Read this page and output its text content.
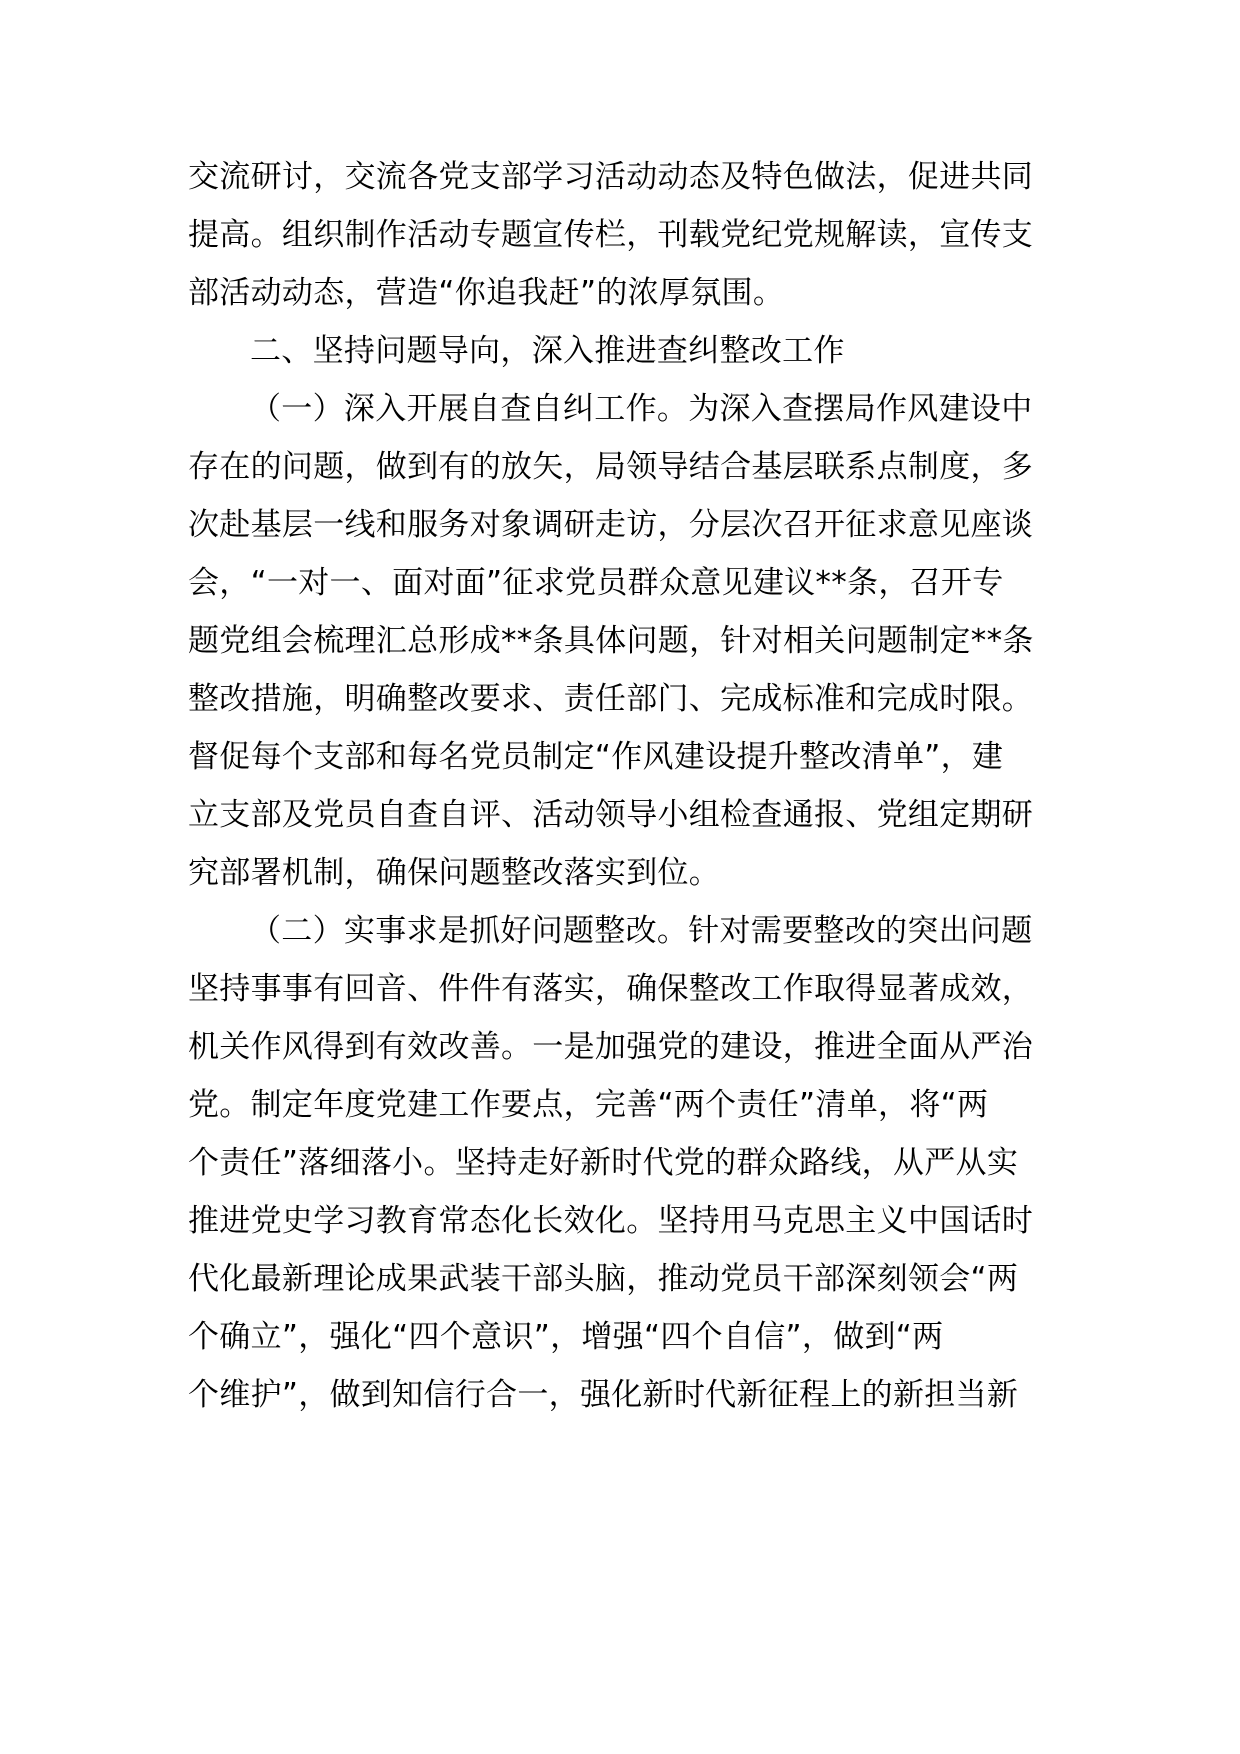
交流研讨，交流各党支部学习活动动态及特色做法，促进共同
提高。组织制作活动专题宣传栏，刊载党纪党规解读，宣传支
部活动动态，营造“你追我赶”的浓厚氛围。
二、坚持问题导向，深入推进查纠整改工作
（一）深入开展自查自纠工作。为深入查摆局作风建设中
存在的问题，做到有的放矢，局领导结合基层联系点制度，多
次赴基层一线和服务对象调研走访，分层次召开征求意见座谈
会，“一对一、面对面”征求党员群众意见建议**条，召开专
题党组会梳理汇总形成**条具体问题，针对相关问题制定**条
整改措施，明确整改要求、责任部门、完成标准和完成时限。
督促每个支部和每名党员制定“作风建设提升整改清单”，建
立支部及党员自查自评、活动领导小组检查通报、党组定期研
究部署机制，确保问题整改落实到位。
（二）实事求是抓好问题整改。针对需要整改的突出问题
坚持事事有回音、件件有落实，确保整改工作取得显著成效，
机关作风得到有效改善。一是加强党的建设，推进全面从严治
党。制定年度党建工作要点，完善“两个责任”清单，将“两
个责任”落细落小。坚持走好新时代党的群众路线，从严从实
推进党史学习教育常态化长效化。坚持用马克思主义中国话时
代化最新理论成果武装干部头脑，推动党员干部深刻领会“两
个确立”，强化“四个意识”，增强“四个自信”，做到“两
个维护”，做到知信行合一，强化新时代新征程上的新担当新
